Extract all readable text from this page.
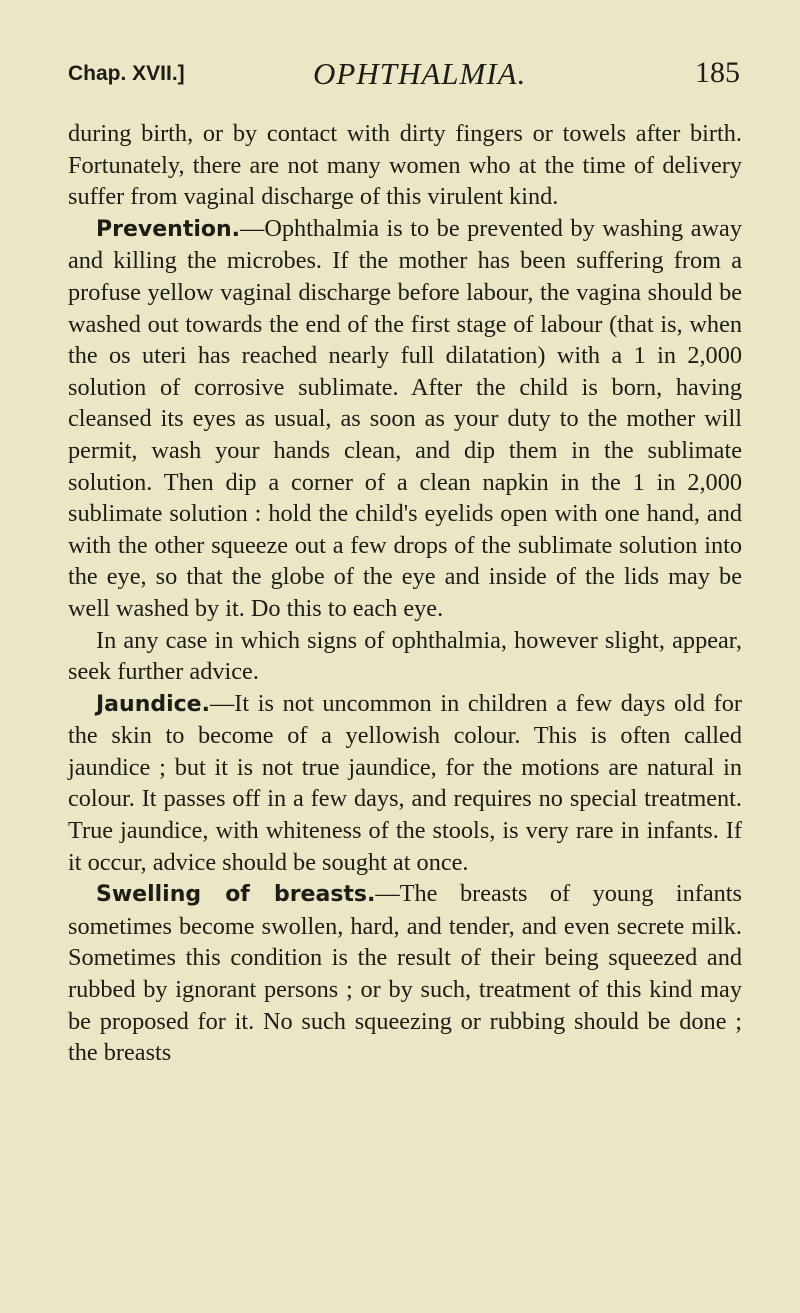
Chap. XVII.]	OPHTHALMIA.	185

during birth, or by contact with dirty fingers or towels after birth. Fortunately, there are not many women who at the time of delivery suffer from vaginal discharge of this virulent kind.

Prevention.—Ophthalmia is to be prevented by washing away and killing the microbes. If the mother has been suffering from a profuse yellow vaginal discharge before labour, the vagina should be washed out towards the end of the first stage of labour (that is, when the os uteri has reached nearly full dilatation) with a 1 in 2,000 solution of corrosive sublimate. After the child is born, having cleansed its eyes as usual, as soon as your duty to the mother will permit, wash your hands clean, and dip them in the sublimate solution. Then dip a corner of a clean napkin in the 1 in 2,000 sublimate solution : hold the child's eyelids open with one hand, and with the other squeeze out a few drops of the sublimate solution into the eye, so that the globe of the eye and inside of the lids may be well washed by it. Do this to each eye.

In any case in which signs of ophthalmia, however slight, appear, seek further advice.

Jaundice.—It is not uncommon in children a few days old for the skin to become of a yellowish colour. This is often called jaundice ; but it is not true jaundice, for the motions are natural in colour. It passes off in a few days, and requires no special treatment. True jaundice, with whiteness of the stools, is very rare in infants. If it occur, advice should be sought at once.

Swelling of breasts.—The breasts of young infants sometimes become swollen, hard, and tender, and even secrete milk. Sometimes this condition is the result of their being squeezed and rubbed by ignorant persons ; or by such, treatment of this kind may be proposed for it. No such squeezing or rubbing should be done ; the breasts
